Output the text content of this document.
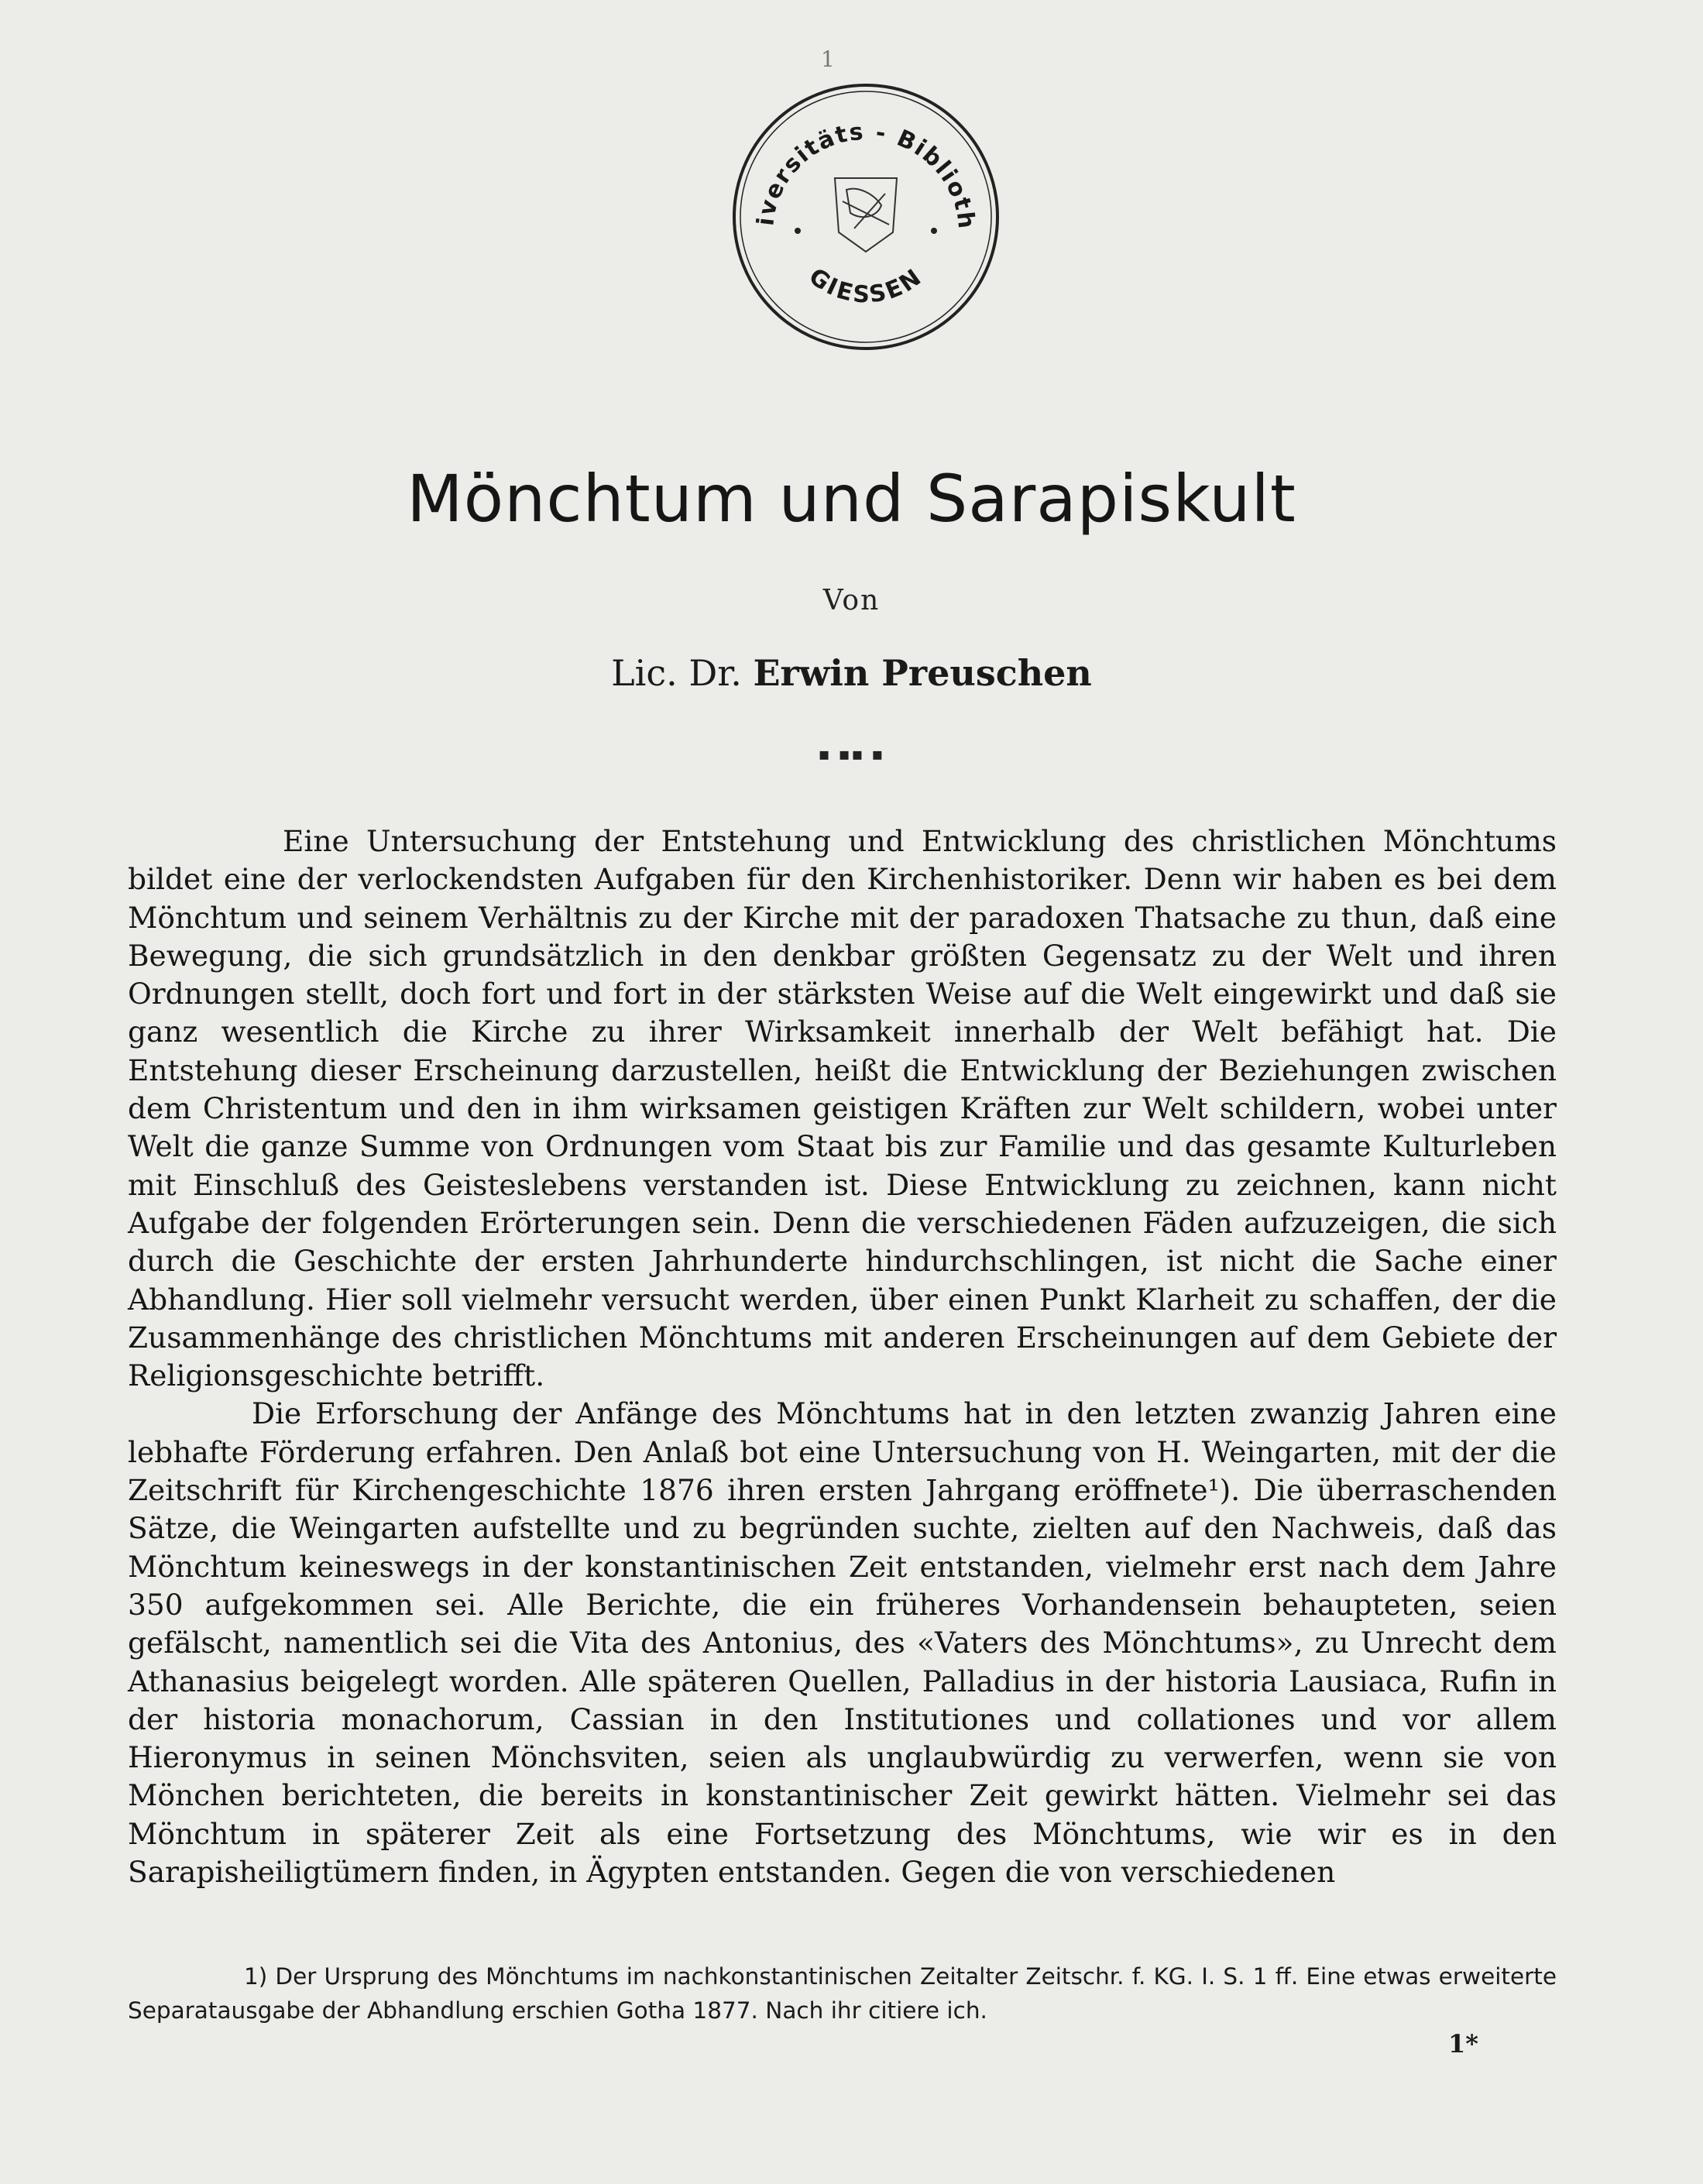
1
iversitäts - Biblioth
GIESSEN
Mönchtum und Sarapiskult
Von
Lic. Dr. Erwin Preuschen
▪ ▪▪ ▪

Eine Untersuchung der Entstehung und Entwicklung des christlichen Mönchtums bildet eine der verlockendsten Aufgaben für den Kirchenhistoriker. Denn wir haben es bei dem Mönchtum und seinem Verhältnis zu der Kirche mit der paradoxen Thatsache zu thun, daß eine Bewegung, die sich grundsätzlich in den denkbar größten Gegensatz zu der Welt und ihren Ordnungen stellt, doch fort und fort in der stärksten Weise auf die Welt eingewirkt und daß sie ganz wesentlich die Kirche zu ihrer Wirksamkeit innerhalb der Welt befähigt hat. Die Entstehung dieser Erscheinung darzustellen, heißt die Entwicklung der Beziehungen zwischen dem Christentum und den in ihm wirksamen geistigen Kräften zur Welt schildern, wobei unter Welt die ganze Summe von Ordnungen vom Staat bis zur Familie und das gesamte Kulturleben mit Einschluß des Geisteslebens verstanden ist. Diese Entwicklung zu zeichnen, kann nicht Aufgabe der folgenden Erörterungen sein. Denn die verschiedenen Fäden aufzuzeigen, die sich durch die Geschichte der ersten Jahrhunderte hindurchschlingen, ist nicht die Sache einer Abhandlung. Hier soll vielmehr versucht werden, über einen Punkt Klarheit zu schaffen, der die Zusammenhänge des christlichen Mönchtums mit anderen Erscheinungen auf dem Gebiete der Religionsgeschichte betrifft.

Die Erforschung der Anfänge des Mönchtums hat in den letzten zwanzig Jahren eine lebhafte Förderung erfahren. Den Anlaß bot eine Untersuchung von H. Weingarten, mit der die Zeitschrift für Kirchengeschichte 1876 ihren ersten Jahrgang eröffnete¹). Die überraschenden Sätze, die Weingarten aufstellte und zu begründen suchte, zielten auf den Nachweis, daß das Mönchtum keineswegs in der konstantinischen Zeit entstanden, vielmehr erst nach dem Jahre 350 aufgekommen sei. Alle Berichte, die ein früheres Vorhandensein behaupteten, seien gefälscht, namentlich sei die Vita des Antonius, des «Vaters des Mönchtums», zu Unrecht dem Athanasius beigelegt worden. Alle späteren Quellen, Palladius in der historia Lausiaca, Rufin in der historia monachorum, Cassian in den Institutiones und collationes und vor allem Hieronymus in seinen Mönchsviten, seien als unglaubwürdig zu verwerfen, wenn sie von Mönchen berichteten, die bereits in konstantinischer Zeit gewirkt hätten. Vielmehr sei das Mönchtum in späterer Zeit als eine Fortsetzung des Mönchtums, wie wir es in den Sarapisheiligtümern finden, in Ägypten entstanden. Gegen die von verschiedenen

1) Der Ursprung des Mönchtums im nachkonstantinischen Zeitalter Zeitschr. f. KG. I. S. 1 ff. Eine etwas erweiterte Separatausgabe der Abhandlung erschien Gotha 1877. Nach ihr citiere ich.

1*
